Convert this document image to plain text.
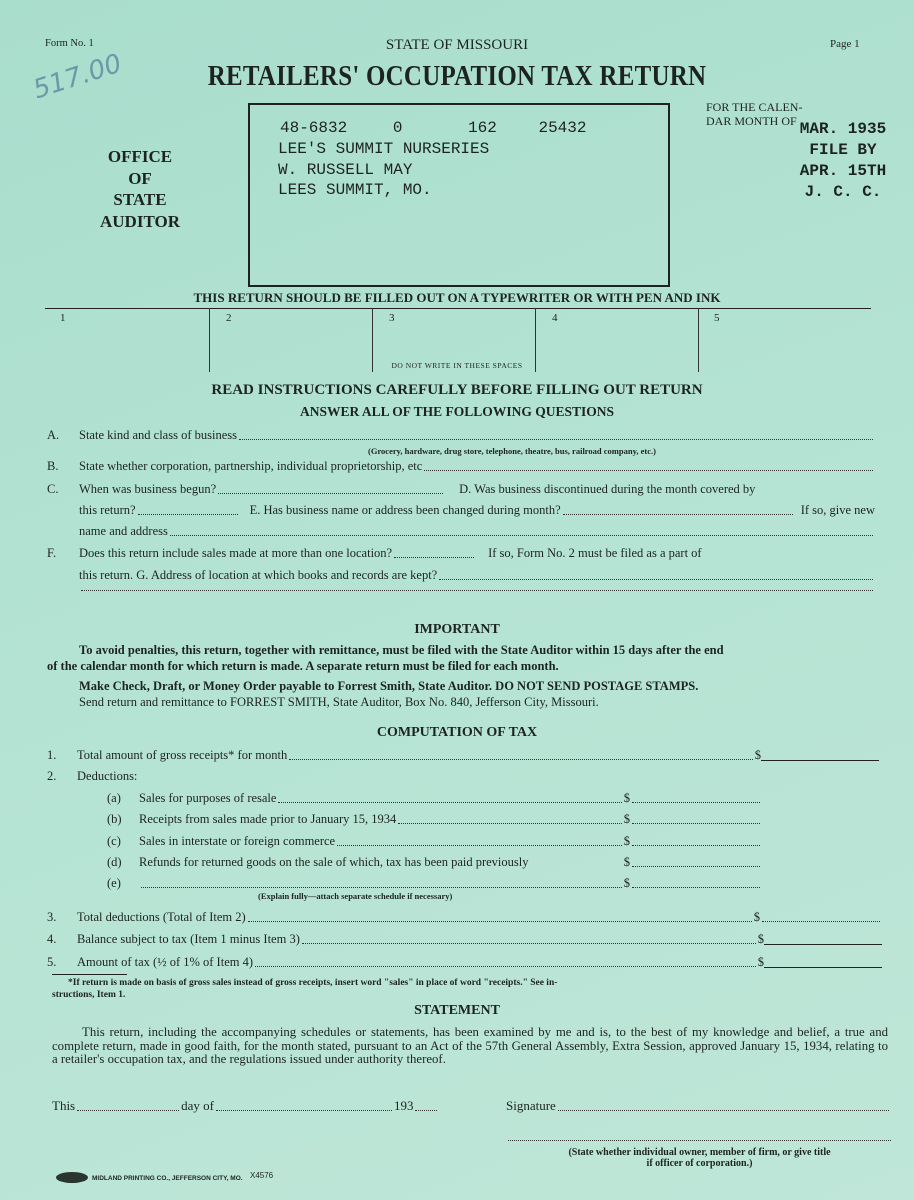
Form No. 1	STATE OF MISSOURI	Page 1
RETAILERS' OCCUPATION TAX RETURN
517.00
OFFICE
OF
STATE
AUDITOR
48-6832	0	162	25432
LEE'S SUMMIT NURSERIES
W. RUSSELL MAY
LEES SUMMIT, MO.
FOR THE CALEN-
DAR MONTH OF MAR. 1935
FILE BY
APR. 15TH
J. C. C.
THIS RETURN SHOULD BE FILLED OUT ON A TYPEWRITER OR WITH PEN AND INK
1	2	3	4	5
DO NOT WRITE IN THESE SPACES
READ INSTRUCTIONS CAREFULLY BEFORE FILLING OUT RETURN
ANSWER ALL OF THE FOLLOWING QUESTIONS
A.	State kind and class of business
(Grocery, hardware, drug store, telephone, theatre, bus, railroad company, etc.)
B.	State whether corporation, partnership, individual proprietorship, etc
C.	When was business begun?	D. Was business discontinued during the month covered by
this return?	E. Has business name or address been changed during month?	If so, give new
name and address
F.	Does this return include sales made at more than one location?	If so, Form No. 2 must be filed as a part of
this return. G. Address of location at which books and records are kept?
IMPORTANT
To avoid penalties, this return, together with remittance, must be filed with the State Auditor within 15 days after the end
of the calendar month for which return is made. A separate return must be filed for each month.
Make Check, Draft, or Money Order payable to Forrest Smith, State Auditor. DO NOT SEND POSTAGE STAMPS.
Send return and remittance to FORREST SMITH, State Auditor, Box No. 840, Jefferson City, Missouri.
COMPUTATION OF TAX
1.	Total amount of gross receipts* for month	$
2.	Deductions:
(a)	Sales for purposes of resale	$
(b)	Receipts from sales made prior to January 15, 1934	$
(c)	Sales in interstate or foreign commerce	$
(d)	Refunds for returned goods on the sale of which, tax has been paid previously	$
(e)	$
(Explain fully—attach separate schedule if necessary)
3.	Total deductions (Total of Item 2)	$
4.	Balance subject to tax (Item 1 minus Item 3)	$
5.	Amount of tax (½ of 1% of Item 4)	$
*If return is made on basis of gross sales instead of gross receipts, insert word "sales" in place of word "receipts." See in-
structions, Item 1.
STATEMENT

This return, including the accompanying schedules or statements, has been examined by me and is, to the best of my knowledge and belief, a true and complete return, made in good faith, for the month stated, pursuant to an Act of the 57th General Assembly, Extra Session, approved January 15, 1934, relating to a retailer's occupation tax, and the regulations issued under authority thereof.

This	day of	193	Signature
(State whether individual owner, member of firm, or give title
if officer of corporation.)
MIDLAND PRINTING CO., JEFFERSON CITY, MO. X4576
